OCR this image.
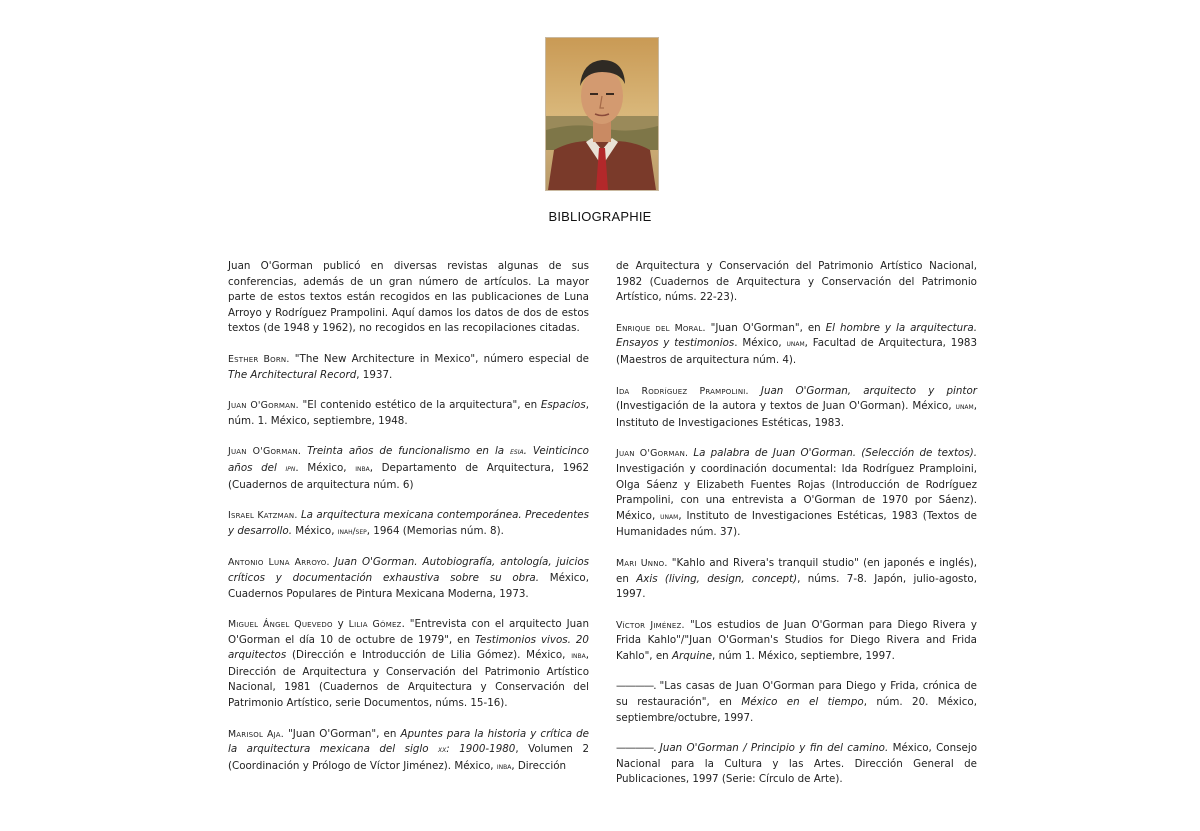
BIBLIOGRAPHIE
Juan O'Gorman publicó en diversas revistas algunas de sus conferencias, además de un gran número de artículos. La mayor parte de estos textos están recogidos en las publicaciones de Luna Arroyo y Rodríguez Prampolini. Aquí damos los datos de dos de estos textos (de 1948 y 1962), no recogidos en las recopilaciones citadas.
Esther Born. "The New Architecture in Mexico", número especial de The Architectural Record, 1937.
Juan O'Gorman. "El contenido estético de la arquitectura", en Espacios, núm. 1. México, septiembre, 1948.
Juan O'Gorman. Treinta años de funcionalismo en la esia. Veinticinco años del ipn. México, inba, Departamento de Arquitectura, 1962 (Cuadernos de arquitectura núm. 6)
Israel Katzman. La arquitectura mexicana contemporánea. Precedentes y desarrollo. México, inah/sep, 1964 (Memorias núm. 8).
Antonio Luna Arroyo. Juan O'Gorman. Autobiografía, antología, juicios críticos y documentación exhaustiva sobre su obra. México, Cuadernos Populares de Pintura Mexicana Moderna, 1973.
Miguel Ángel Quevedo y Lilia Gómez. "Entrevista con el arquitecto Juan O'Gorman el día 10 de octubre de 1979", en Testimonios vivos. 20 arquitectos (Dirección e Introducción de Lilia Gómez). México, inba, Dirección de Arquitectura y Conservación del Patrimonio Artístico Nacional, 1981 (Cuadernos de Arquitectura y Conservación del Patrimonio Artístico, serie Documentos, núms. 15-16).
Marisol Aja. "Juan O'Gorman", en Apuntes para la historia y crítica de la arquitectura mexicana del siglo xx: 1900-1980, Volumen 2 (Coordinación y Prólogo de Víctor Jiménez). México, inba, Dirección
de Arquitectura y Conservación del Patrimonio Artístico Nacional, 1982 (Cuadernos de Arquitectura y Conservación del Patrimonio Artístico, núms. 22-23).
Enrique del Moral. "Juan O'Gorman", en El hombre y la arquitectura. Ensayos y testimonios. México, unam, Facultad de Arquitectura, 1983 (Maestros de arquitectura núm. 4).
Ida Rodríguez Prampolini. Juan O'Gorman, arquitecto y pintor (Investigación de la autora y textos de Juan O'Gorman). México, unam, Instituto de Investigaciones Estéticas, 1983.
Juan O'Gorman. La palabra de Juan O'Gorman. (Selección de textos). Investigación y coordinación documental: Ida Rodríguez Pramploini, Olga Sáenz y Elizabeth Fuentes Rojas (Introducción de Rodríguez Prampolini, con una entrevista a O'Gorman de 1970 por Sáenz). México, unam, Instituto de Investigaciones Estéticas, 1983 (Textos de Humanidades núm. 37).
Mari Unno. "Kahlo and Rivera's tranquil studio" (en japonés e inglés), en Axis (living, design, concept), núms. 7-8. Japón, julio-agosto, 1997.
Víctor Jiménez. "Los estudios de Juan O'Gorman para Diego Rivera y Frida Kahlo"/"Juan O'Gorman's Studios for Diego Rivera and Frida Kahlo", en Arquine, núm 1. México, septiembre, 1997.
————. "Las casas de Juan O'Gorman para Diego y Frida, crónica de su restauración", en México en el tiempo, núm. 20. México, septiembre/octubre, 1997.
————. Juan O'Gorman / Principio y fin del camino. México, Consejo Nacional para la Cultura y las Artes. Dirección General de Publicaciones, 1997 (Serie: Círculo de Arte).
